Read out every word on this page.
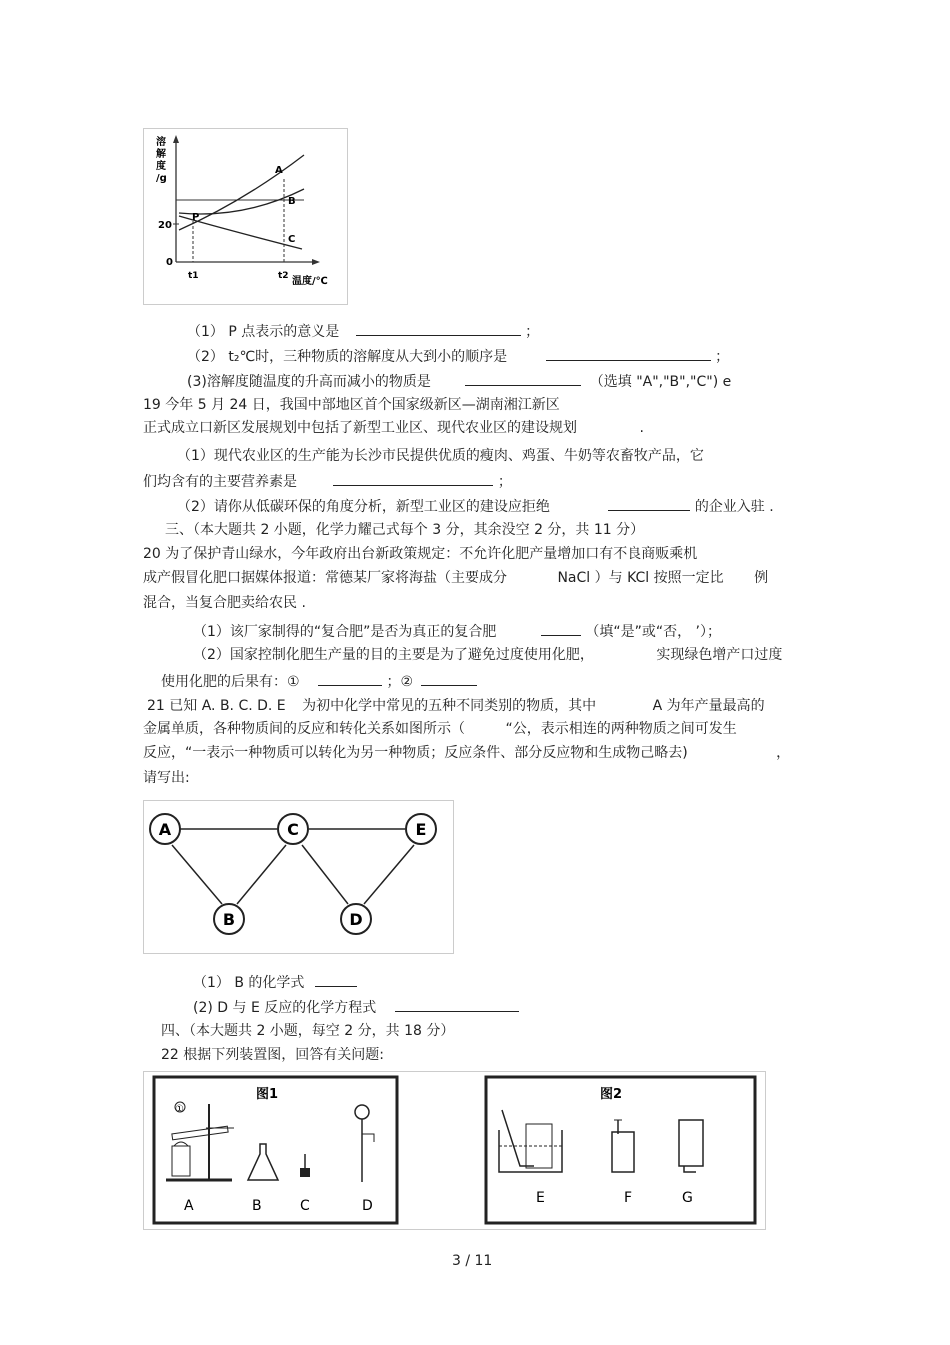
溶
解
度
/g
20
0
A
B
C
P
t1	t2 温度/℃
（1） P 点表示的意义是	；
（2） t₂℃时，三种物质的溶解度从大到小的顺序是	；
(3)溶解度随温度的升高而减小的物质是	（选填 "A","B","C") e
19 今年 5 月 24 日，我国中部地区首个国家级新区—湖南湘江新区
正式成立口新区发展规划中包括了新型工业区、现代农业区的建设规划	.
（1）现代农业区的生产能为长沙市民提供优质的瘦肉、鸡蛋、牛奶等农畜牧产品，它
们均含有的主要营养素是	；
（2）请你从低碳环保的角度分析，新型工业区的建设应拒绝	的企业入驻 .
三、（本大题共 2 小题，化学力耀己式每个 3 分，其余没空 2 分，共 11 分）
20 为了保护青山绿水，今年政府出台新政策规定：不允许化肥产量增加口有不良商贩乘机
成产假冒化肥口据媒体报道：常德某厂家将海盐（主要成分	NaCl ）与 KCl 按照一定比 例
混合，当复合肥卖给农民 .
（1）该厂家制得的“复合肥”是否为真正的复合肥	（填“是”或“否， ’）；
（2）国家控制化肥生产量的目的主要是为了避免过度使用化肥，	实现绿色增产口过度
使用化肥的后果有：①	；②
21 已知 A. B. C. D. E 为初中化学中常见的五种不同类别的物质，其中	A 为年产量最高的
金属单质，各种物质间的反应和转化关系如图所示（	“公，表示相连的两种物质之间可发生
反应，“一表示一种物质可以转化为另一种物质；反应条件、部分反应物和生成物己略去)	，
请写出:
A
B
C
D
E
（1） B 的化学式
(2) D 与 E 反应的化学方程式
四、（本大题共 2 小题，每空 2 分，共 18 分）
22 根据下列装置图，回答有关问题:
图1
①
A	B	C	D
图2
E	F	G
3 / 11
